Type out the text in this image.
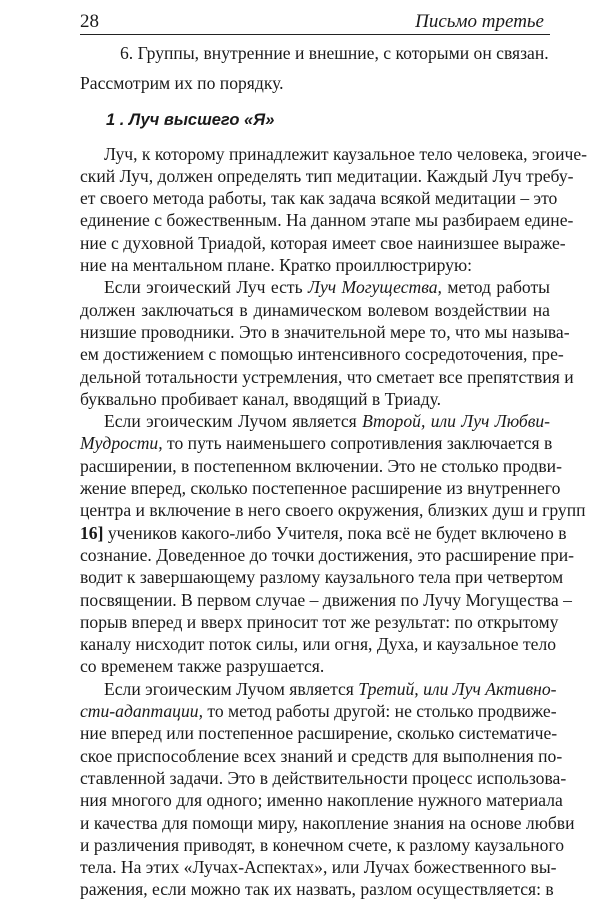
28	Письмо третье
6. Группы, внутренние и внешние, с которыми он связан.
Рассмотрим их по порядку.
1 . Луч высшего «Я»
Луч, к которому принадлежит каузальное тело человека, эгоиче-
ский Луч, должен определять тип медитации. Каждый Луч требу-
ет своего метода работы, так как задача всякой медитации – это
единение с божественным. На данном этапе мы разбираем едине-
ние с духовной Триадой, которая имеет свое наинизшее выраже-
ние на ментальном плане. Кратко проиллюстрирую:
Если эгоический Луч есть Луч Могущества, метод работы
должен заключаться в динамическом волевом воздействии на
низшие проводники. Это в значительной мере то, что мы называ-
ем достижением с помощью интенсивного сосредоточения, пре-
дельной тотальности устремления, что сметает все препятствия и
буквально пробивает канал, вводящий в Триаду.
Если эгоическим Лучом является Второй, или Луч Любви-
Мудрости, то путь наименьшего сопротивления заключается в
расширении, в постепенном включении. Это не столько продви-
жение вперед, сколько постепенное расширение из внутреннего
центра и включение в него своего окружения, близких душ и групп
16] учеников какого-либо Учителя, пока всё не будет включено в
сознание. Доведенное до точки достижения, это расширение при-
водит к завершающему разлому каузального тела при четвертом
посвящении. В первом случае – движения по Лучу Могущества –
порыв вперед и вверх приносит тот же результат: по открытому
каналу нисходит поток силы, или огня, Духа, и каузальное тело
со временем также разрушается.
Если эгоическим Лучом является Третий, или Луч Активно-
сти-адаптации, то метод работы другой: не столько продвиже-
ние вперед или постепенное расширение, сколько систематиче-
ское приспособление всех знаний и средств для выполнения по-
ставленной задачи. Это в действительности процесс использова-
ния многого для одного; именно накопление нужного материала
и качества для помощи миру, накопление знания на основе любви
и различения приводят, в конечном счете, к разлому каузального
тела. На этих «Лучах-Аспектах», или Лучах божественного вы-
ражения, если можно так их назвать, разлом осуществляется: в
